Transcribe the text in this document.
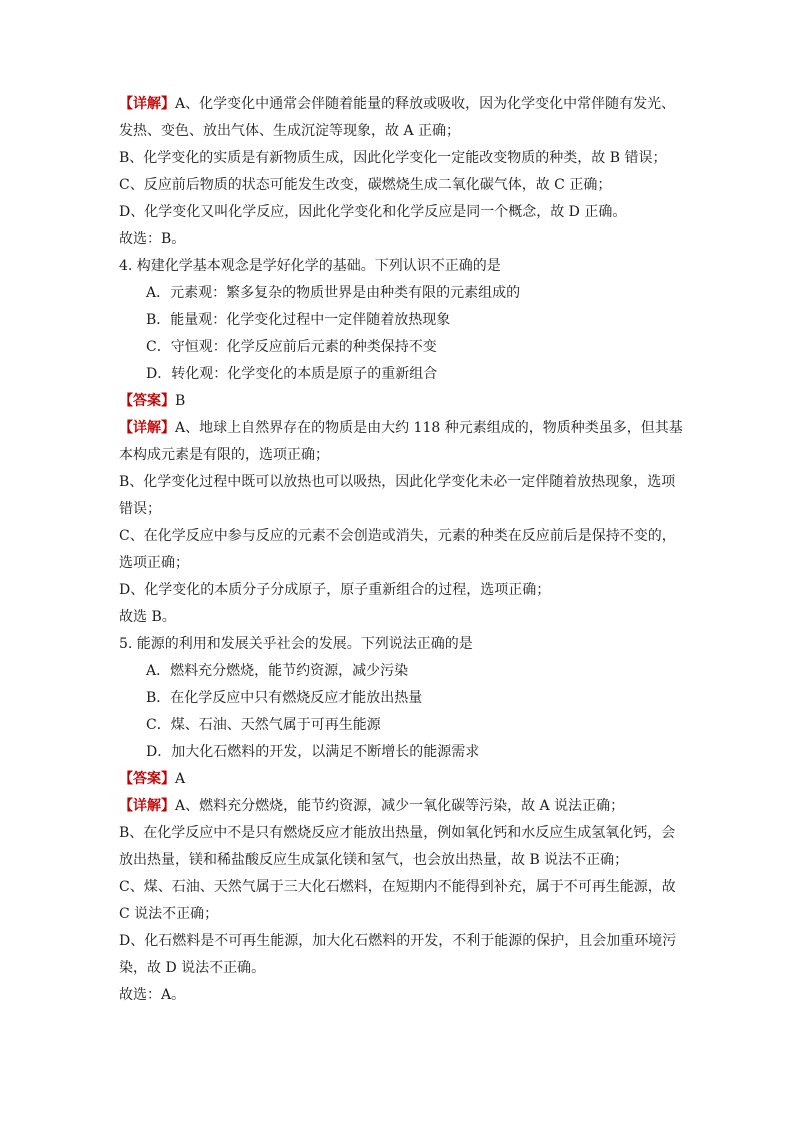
【详解】A、化学变化中通常会伴随着能量的释放或吸收，因为化学变化中常伴随有发光、
发热、变色、放出气体、生成沉淀等现象，故 A 正确；
B、化学变化的实质是有新物质生成，因此化学变化一定能改变物质的种类，故 B 错误；
C、反应前后物质的状态可能发生改变，碳燃烧生成二氧化碳气体，故 C 正确；
D、化学变化又叫化学反应，因此化学变化和化学反应是同一个概念，故 D 正确。
故选：B。
4. 构建化学基本观念是学好化学的基础。下列认识不正确的是
A．元素观：繁多复杂的物质世界是由种类有限的元素组成的
B．能量观：化学变化过程中一定伴随着放热现象
C．守恒观：化学反应前后元素的种类保持不变
D．转化观：化学变化的本质是原子的重新组合
【答案】B
【详解】A、地球上自然界存在的物质是由大约 118 种元素组成的，物质种类虽多，但其基
本构成元素是有限的，选项正确；
B、化学变化过程中既可以放热也可以吸热，因此化学变化未必一定伴随着放热现象，选项
错误；
C、在化学反应中参与反应的元素不会创造或消失，元素的种类在反应前后是保持不变的，
选项正确；
D、化学变化的本质分子分成原子，原子重新组合的过程，选项正确；
故选 B。
5. 能源的利用和发展关乎社会的发展。下列说法正确的是
A．燃料充分燃烧，能节约资源，减少污染
B．在化学反应中只有燃烧反应才能放出热量
C．煤、石油、天然气属于可再生能源
D．加大化石燃料的开发，以满足不断增长的能源需求
【答案】A
【详解】A、燃料充分燃烧，能节约资源，减少一氧化碳等污染，故 A 说法正确；
B、在化学反应中不是只有燃烧反应才能放出热量，例如氧化钙和水反应生成氢氧化钙，会
放出热量，镁和稀盐酸反应生成氯化镁和氢气，也会放出热量，故 B 说法不正确；
C、煤、石油、天然气属于三大化石燃料，在短期内不能得到补充，属于不可再生能源，故
C 说法不正确；
D、化石燃料是不可再生能源，加大化石燃料的开发，不利于能源的保护，且会加重环境污
染，故 D 说法不正确。
故选：A。
